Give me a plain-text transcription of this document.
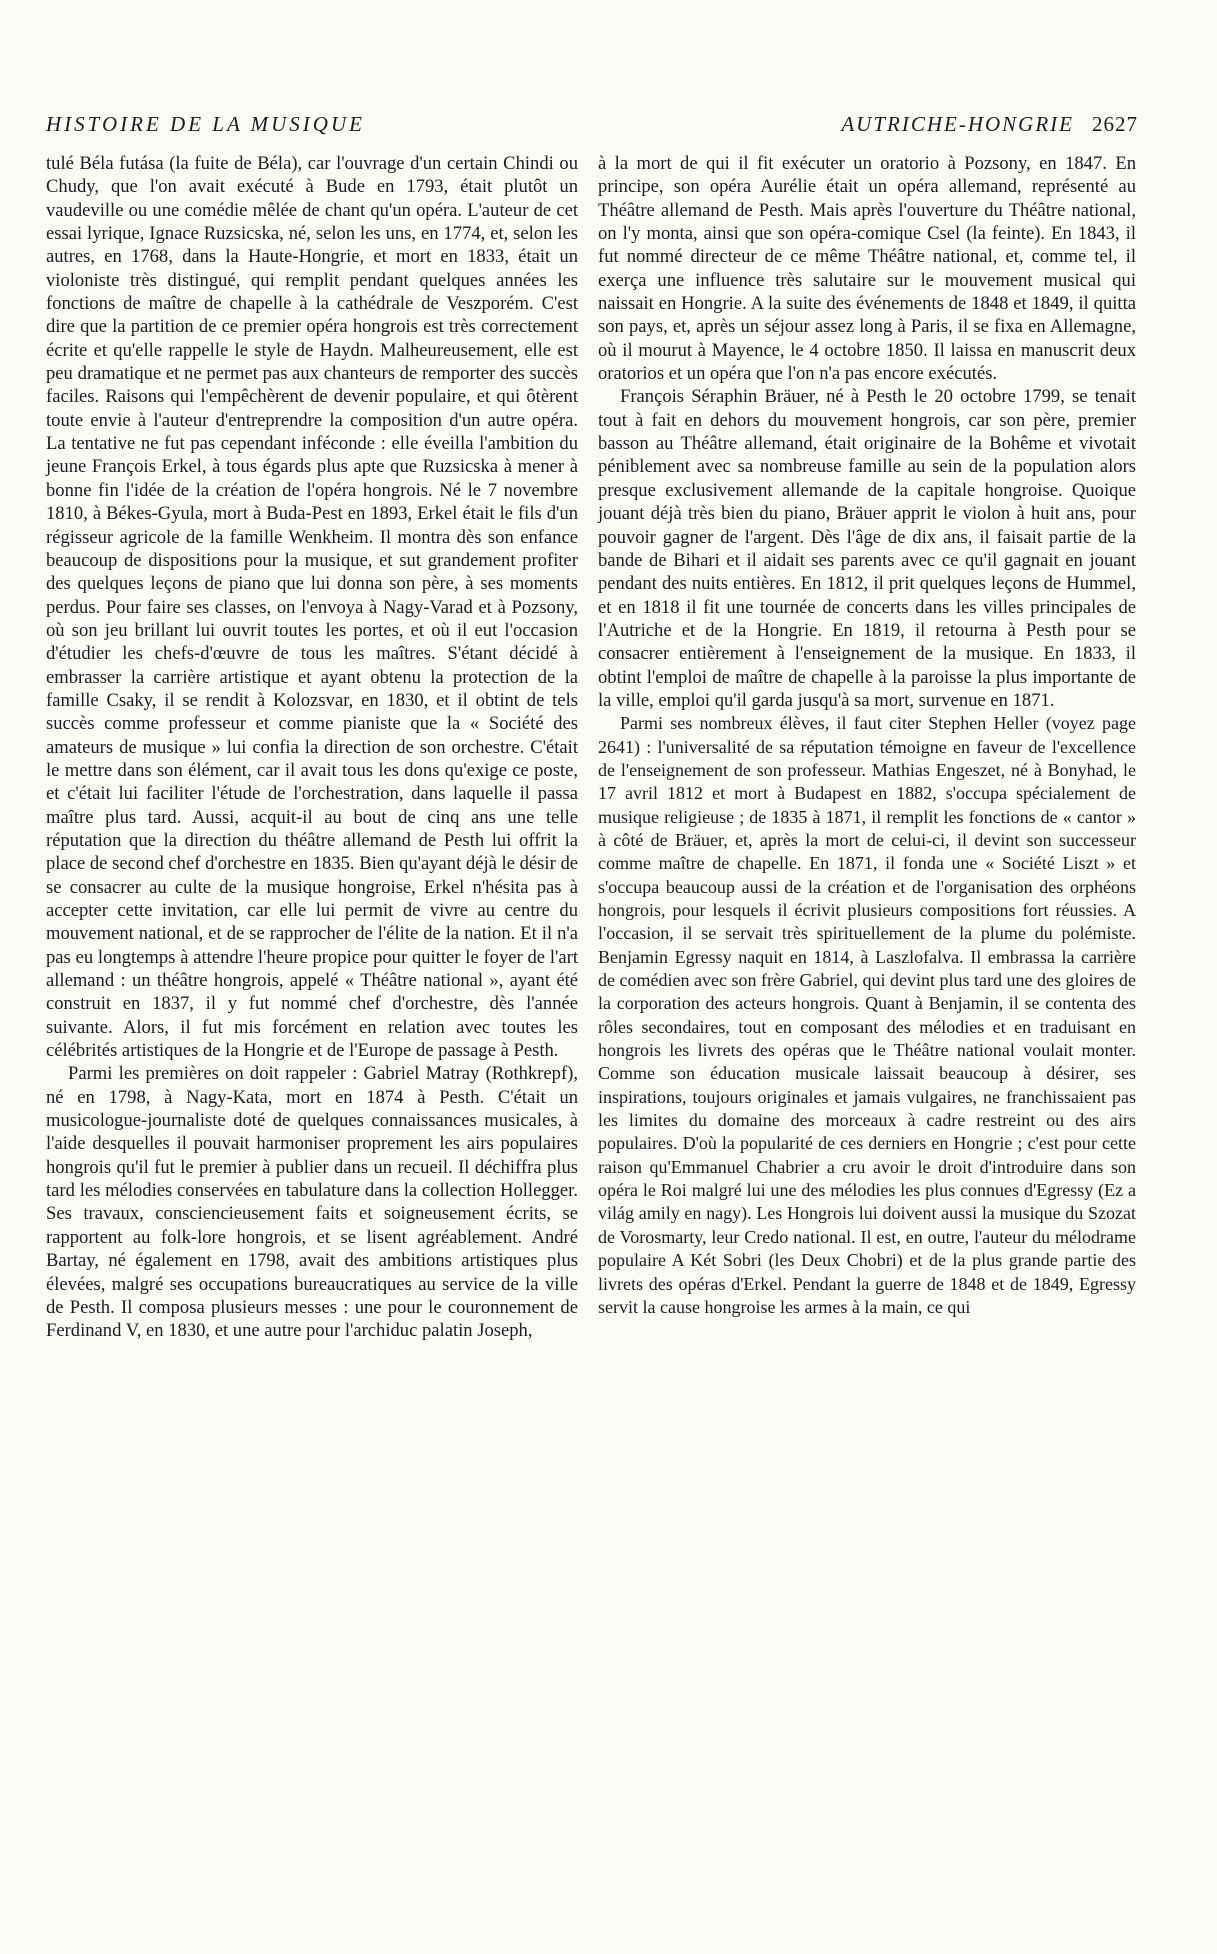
HISTOIRE DE LA MUSIQUE	AUTRICHE-HONGRIE 2627

tulé Béla futása (la fuite de Béla), car l'ouvrage d'un certain Chindi ou Chudy, que l'on avait exécuté à Bude en 1793, était plutôt un vaudeville ou une comédie mêlée de chant qu'un opéra. L'auteur de cet essai lyrique, Ignace Ruzsicska, né, selon les uns, en 1774, et, selon les autres, en 1768, dans la Haute-Hongrie, et mort en 1833, était un violoniste très distingué, qui remplit pendant quelques années les fonctions de maître de chapelle à la cathédrale de Veszporém. C'est dire que la partition de ce premier opéra hongrois est très correctement écrite et qu'elle rappelle le style de Haydn. Malheureusement, elle est peu dramatique et ne permet pas aux chanteurs de remporter des succès faciles. Raisons qui l'empêchèrent de devenir populaire, et qui ôtèrent toute envie à l'auteur d'entreprendre la composition d'un autre opéra. La tentative ne fut pas cependant inféconde : elle éveilla l'ambition du jeune François Erkel, à tous égards plus apte que Ruzsicska à mener à bonne fin l'idée de la création de l'opéra hongrois. Né le 7 novembre 1810, à Békes-Gyula, mort à Buda-Pest en 1893, Erkel était le fils d'un régisseur agricole de la famille Wenkheim. Il montra dès son enfance beaucoup de dispositions pour la musique, et sut grandement profiter des quelques leçons de piano que lui donna son père, à ses moments perdus. Pour faire ses classes, on l'envoya à Nagy-Varad et à Pozsony, où son jeu brillant lui ouvrit toutes les portes, et où il eut l'occasion d'étudier les chefs-d'œuvre de tous les maîtres. S'étant décidé à embrasser la carrière artistique et ayant obtenu la protection de la famille Csaky, il se rendit à Kolozsvar, en 1830, et il obtint de tels succès comme professeur et comme pianiste que la « Société des amateurs de musique » lui confia la direction de son orchestre. C'était le mettre dans son élément, car il avait tous les dons qu'exige ce poste, et c'était lui faciliter l'étude de l'orchestration, dans laquelle il passa maître plus tard. Aussi, acquit-il au bout de cinq ans une telle réputation que la direction du théâtre allemand de Pesth lui offrit la place de second chef d'orchestre en 1835. Bien qu'ayant déjà le désir de se consacrer au culte de la musique hongroise, Erkel n'hésita pas à accepter cette invitation, car elle lui permit de vivre au centre du mouvement national, et de se rapprocher de l'élite de la nation. Et il n'a pas eu longtemps à attendre l'heure propice pour quitter le foyer de l'art allemand : un théâtre hongrois, appelé « Théâtre national », ayant été construit en 1837, il y fut nommé chef d'orchestre, dès l'année suivante. Alors, il fut mis forcément en relation avec toutes les célébrités artistiques de la Hongrie et de l'Europe de passage à Pesth.

Parmi les premières on doit rappeler : Gabriel Matray (Rothkrepf), né en 1798, à Nagy-Kata, mort en 1874 à Pesth. C'était un musicologue-journaliste doté de quelques connaissances musicales, à l'aide desquelles il pouvait harmoniser proprement les airs populaires hongrois qu'il fut le premier à publier dans un recueil. Il déchiffra plus tard les mélodies conservées en tabulature dans la collection Hollegger. Ses travaux, consciencieusement faits et soigneusement écrits, se rapportent au folk-lore hongrois, et se lisent agréablement. André Bartay, né également en 1798, avait des ambitions artistiques plus élevées, malgré ses occupations bureaucratiques au service de la ville de Pesth. Il composa plusieurs messes : une pour le couronnement de Ferdinand V, en 1830, et une autre pour l'archiduc palatin Joseph,

à la mort de qui il fit exécuter un oratorio à Pozsony, en 1847. En principe, son opéra Aurélie était un opéra allemand, représenté au Théâtre allemand de Pesth. Mais après l'ouverture du Théâtre national, on l'y monta, ainsi que son opéra-comique Csel (la feinte). En 1843, il fut nommé directeur de ce même Théâtre national, et, comme tel, il exerça une influence très salutaire sur le mouvement musical qui naissait en Hongrie. A la suite des événements de 1848 et 1849, il quitta son pays, et, après un séjour assez long à Paris, il se fixa en Allemagne, où il mourut à Mayence, le 4 octobre 1850. Il laissa en manuscrit deux oratorios et un opéra que l'on n'a pas encore exécutés.

François Séraphin Bräuer, né à Pesth le 20 octobre 1799, se tenait tout à fait en dehors du mouvement hongrois, car son père, premier basson au Théâtre allemand, était originaire de la Bohême et vivotait péniblement avec sa nombreuse famille au sein de la population alors presque exclusivement allemande de la capitale hongroise. Quoique jouant déjà très bien du piano, Bräuer apprit le violon à huit ans, pour pouvoir gagner de l'argent. Dès l'âge de dix ans, il faisait partie de la bande de Bihari et il aidait ses parents avec ce qu'il gagnait en jouant pendant des nuits entières. En 1812, il prit quelques leçons de Hummel, et en 1818 il fit une tournée de concerts dans les villes principales de l'Autriche et de la Hongrie. En 1819, il retourna à Pesth pour se consacrer entièrement à l'enseignement de la musique. En 1833, il obtint l'emploi de maître de chapelle à la paroisse la plus importante de la ville, emploi qu'il garda jusqu'à sa mort, survenue en 1871.

Parmi ses nombreux élèves, il faut citer Stephen Heller (voyez page 2641) : l'universalité de sa réputation témoigne en faveur de l'excellence de l'enseignement de son professeur. Mathias Engeszet, né à Bonyhad, le 17 avril 1812 et mort à Budapest en 1882, s'occupa spécialement de musique religieuse ; de 1835 à 1871, il remplit les fonctions de « cantor » à côté de Bräuer, et, après la mort de celui-ci, il devint son successeur comme maître de chapelle. En 1871, il fonda une « Société Liszt » et s'occupa beaucoup aussi de la création et de l'organisation des orphéons hongrois, pour lesquels il écrivit plusieurs compositions fort réussies. A l'occasion, il se servait très spirituellement de la plume du polémiste. Benjamin Egressy naquit en 1814, à Laszlofalva. Il embrassa la carrière de comédien avec son frère Gabriel, qui devint plus tard une des gloires de la corporation des acteurs hongrois. Quant à Benjamin, il se contenta des rôles secondaires, tout en composant des mélodies et en traduisant en hongrois les livrets des opéras que le Théâtre national voulait monter. Comme son éducation musicale laissait beaucoup à désirer, ses inspirations, toujours originales et jamais vulgaires, ne franchissaient pas les limites du domaine des morceaux à cadre restreint ou des airs populaires. D'où la popularité de ces derniers en Hongrie ; c'est pour cette raison qu'Emmanuel Chabrier a cru avoir le droit d'introduire dans son opéra le Roi malgré lui une des mélodies les plus connues d'Egressy (Ez a világ amily en nagy). Les Hongrois lui doivent aussi la musique du Szozat de Vorosmarty, leur Credo national. Il est, en outre, l'auteur du mélodrame populaire A Két Sobri (les Deux Chobri) et de la plus grande partie des livrets des opéras d'Erkel. Pendant la guerre de 1848 et de 1849, Egressy servit la cause hongroise les armes à la main, ce qui
